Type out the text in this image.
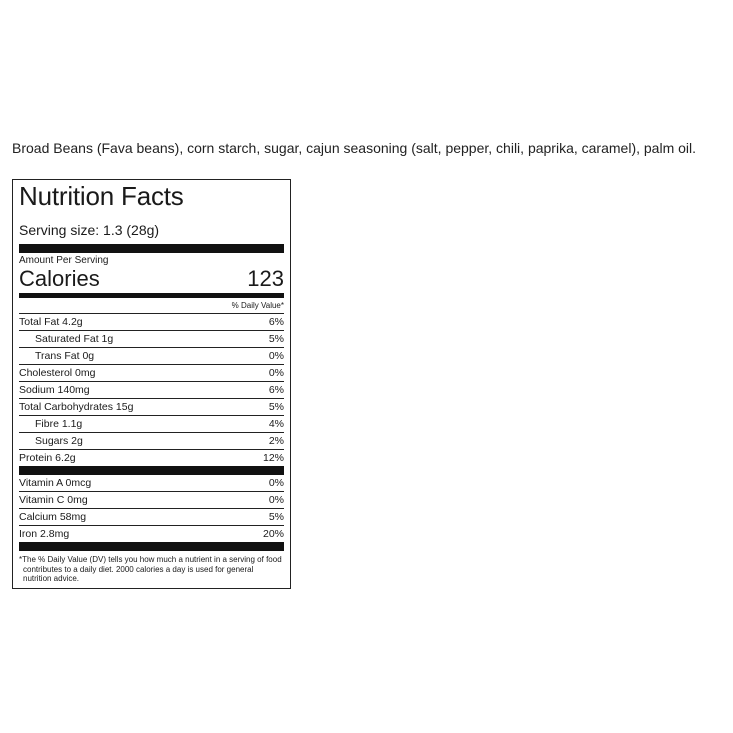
Broad Beans (Fava beans), corn starch, sugar, cajun seasoning (salt, pepper, chili, paprika, caramel), palm oil.
Nutrition Facts
Serving size: 1.3 (28g)
Amount Per Serving
Calories	123
% Daily Value*
Total Fat 4.2g	6%
Saturated Fat 1g	5%
Trans Fat 0g	0%
Cholesterol 0mg	0%
Sodium 140mg	6%
Total Carbohydrates 15g	5%
Fibre 1.1g	4%
Sugars 2g	2%
Protein 6.2g	12%
Vitamin A 0mcg	0%
Vitamin C 0mg	0%
Calcium 58mg	5%
Iron 2.8mg	20%
*The % Daily Value (DV) tells you how much a nutrient in a serving of food contributes to a daily diet. 2000 calories a day is used for general nutrition advice.
